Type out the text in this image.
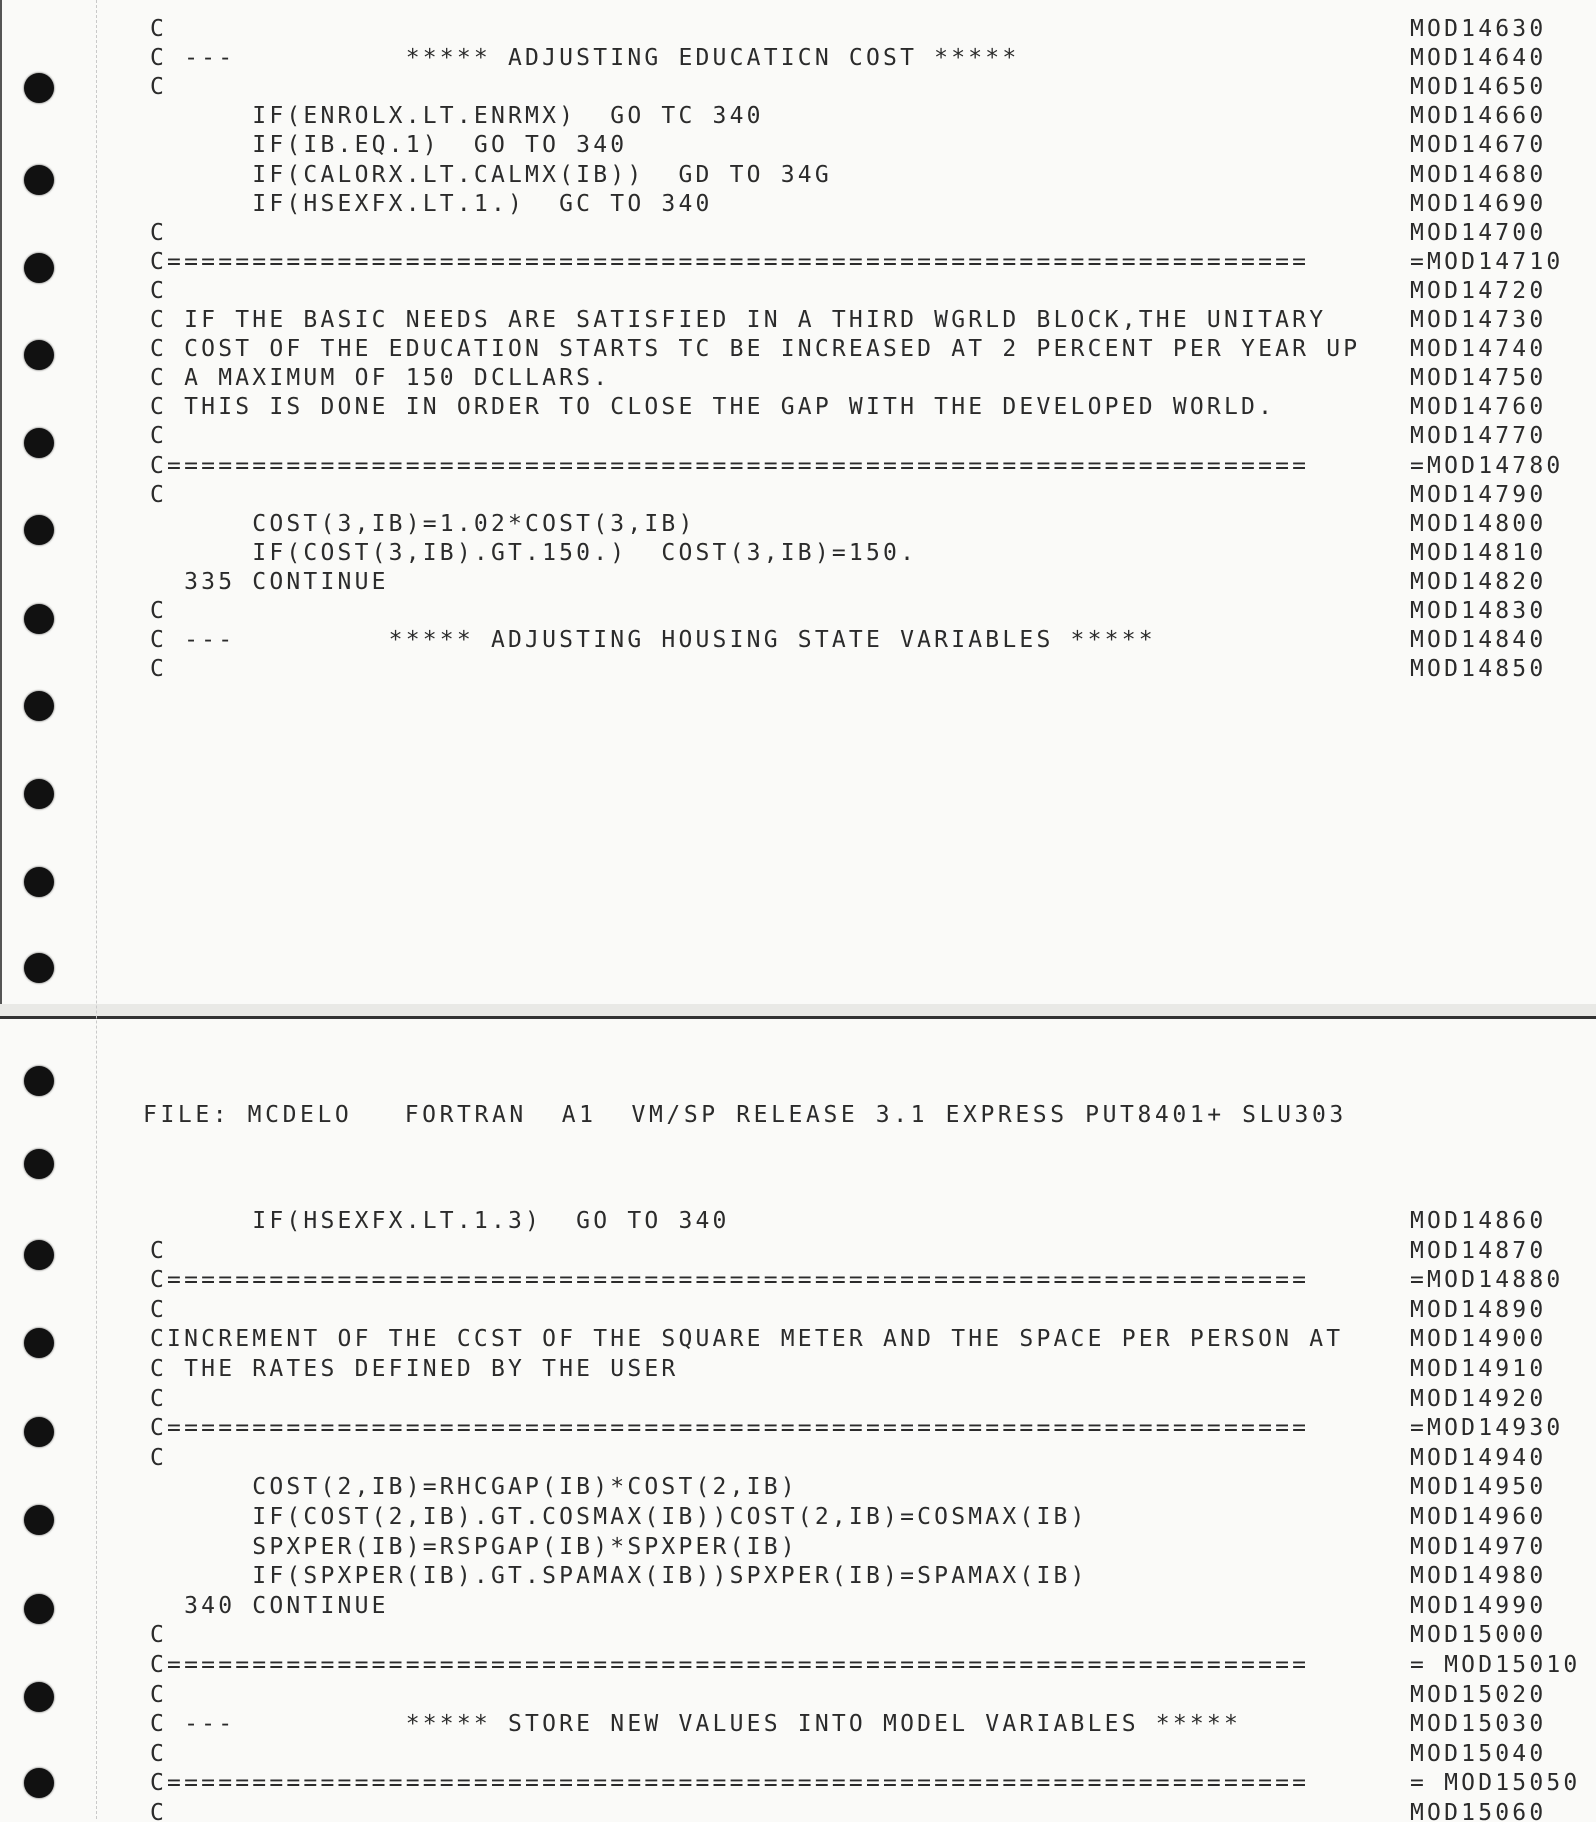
C	MOD14630
C ---          ***** ADJUSTING EDUCATICN COST *****	MOD14640
C	MOD14650
IF(ENROLX.LT.ENRMX)  GO TC 340	MOD14660
IF(IB.EQ.1)  GO TO 340	MOD14670
IF(CALORX.LT.CALMX(IB))  GD TO 34G	MOD14680
IF(HSEXFX.LT.1.)  GC TO 340	MOD14690
C	MOD14700
C===================================================================	=MOD14710
C	MOD14720
C IF THE BASIC NEEDS ARE SATISFIED IN A THIRD WGRLD BLOCK,THE UNITARY	MOD14730
C COST OF THE EDUCATION STARTS TC BE INCREASED AT 2 PERCENT PER YEAR UP	MOD14740
C A MAXIMUM OF 150 DCLLARS.	MOD14750
C THIS IS DONE IN ORDER TO CLOSE THE GAP WITH THE DEVELOPED WORLD.	MOD14760
C	MOD14770
C===================================================================	=MOD14780
C	MOD14790
COST(3,IB)=1.02*COST(3,IB)	MOD14800
IF(COST(3,IB).GT.150.)  COST(3,IB)=150.	MOD14810
335 CONTINUE	MOD14820
C	MOD14830
C ---         ***** ADJUSTING HOUSING STATE VARIABLES *****	MOD14840
C	MOD14850
FILE: MCDELO   FORTRAN  A1  VM/SP RELEASE 3.1 EXPRESS PUT8401+ SLU303
IF(HSEXFX.LT.1.3)  GO TO 340	MOD14860
C	MOD14870
C===================================================================	=MOD14880
C	MOD14890
CINCREMENT OF THE CCST OF THE SQUARE METER AND THE SPACE PER PERSON AT	MOD14900
C THE RATES DEFINED BY THE USER	MOD14910
C	MOD14920
C===================================================================	=MOD14930
C	MOD14940
COST(2,IB)=RHCGAP(IB)*COST(2,IB)	MOD14950
IF(COST(2,IB).GT.COSMAX(IB))COST(2,IB)=COSMAX(IB)	MOD14960
SPXPER(IB)=RSPGAP(IB)*SPXPER(IB)	MOD14970
IF(SPXPER(IB).GT.SPAMAX(IB))SPXPER(IB)=SPAMAX(IB)	MOD14980
340 CONTINUE	MOD14990
C	MOD15000
C===================================================================	= MOD15010
C	MOD15020
C ---          ***** STORE NEW VALUES INTO MODEL VARIABLES *****	MOD15030
C	MOD15040
C===================================================================	= MOD15050
C	MOD15060
